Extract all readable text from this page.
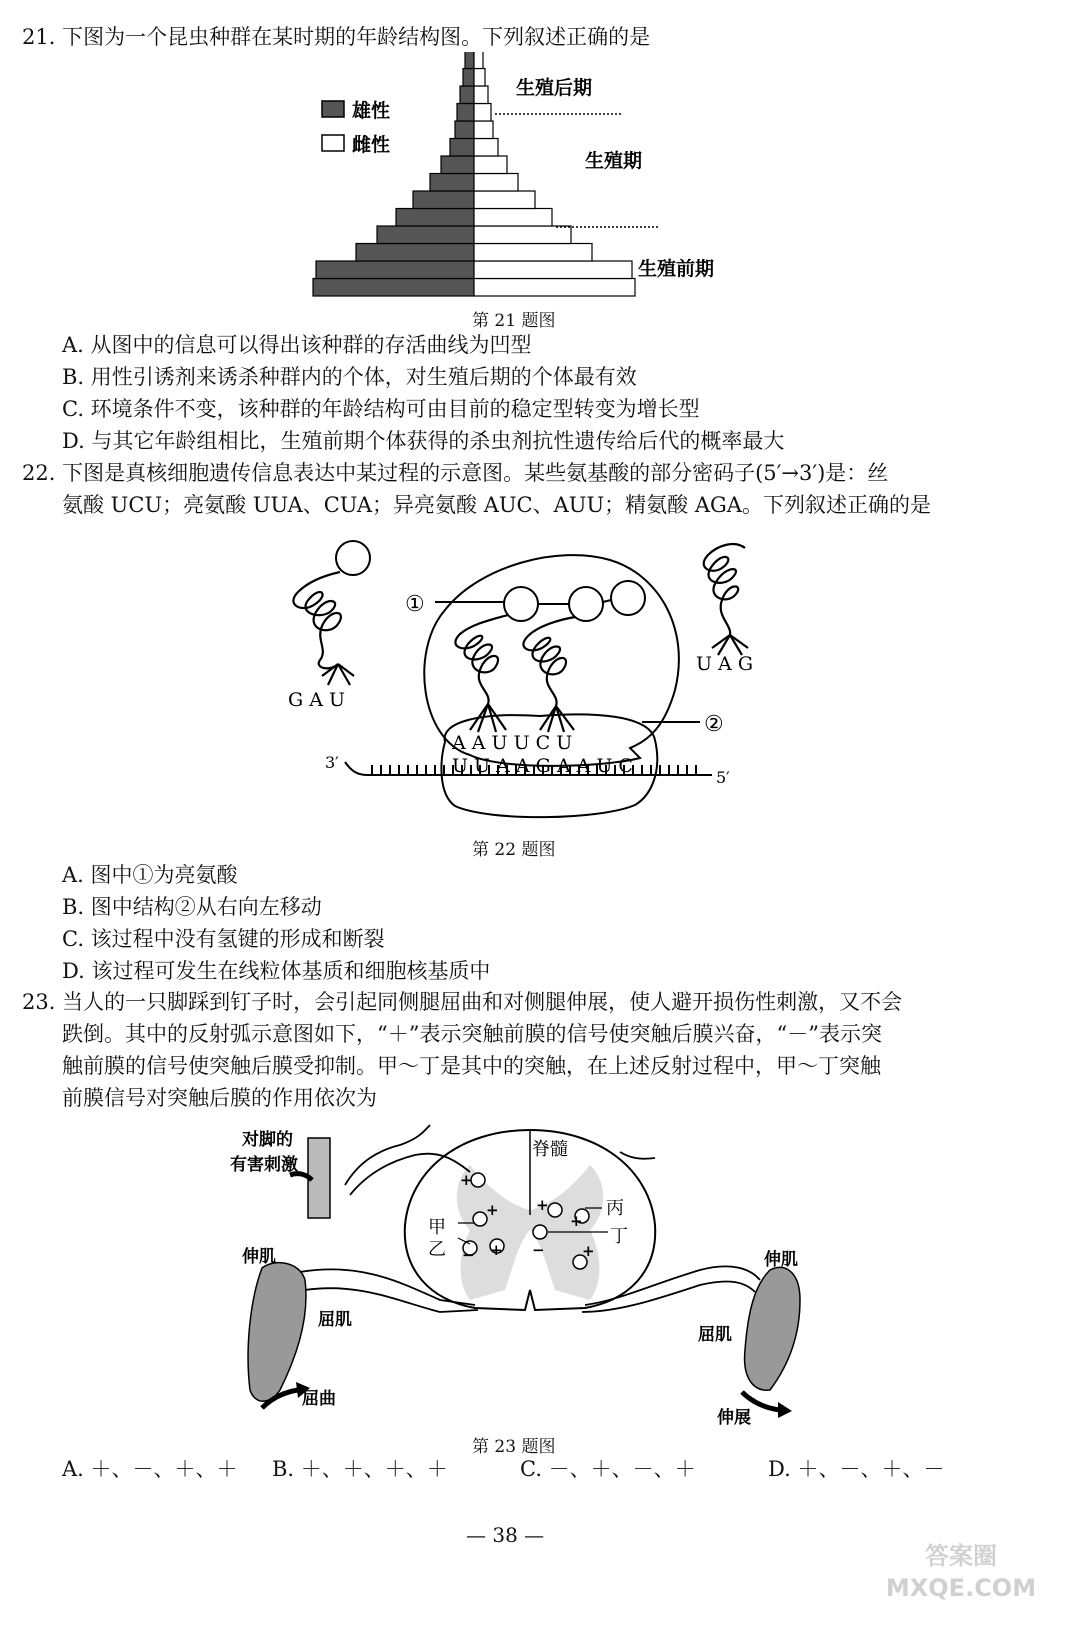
21. 下图为一个昆虫种群在某时期的年龄结构图。下列叙述正确的是
雄性
雌性
生殖后期
生殖期
生殖前期
第 21 题图
A. 从图中的信息可以得出该种群的存活曲线为凹型
B. 用性引诱剂来诱杀种群内的个体，对生殖后期的个体最有效
C. 环境条件不变，该种群的年龄结构可由目前的稳定型转变为增长型
D. 与其它年龄组相比，生殖前期个体获得的杀虫剂抗性遗传给后代的概率最大
22. 下图是真核细胞遗传信息表达中某过程的示意图。某些氨基酸的部分密码子(5′→3′)是：丝
氨酸 UCU；亮氨酸 UUA、CUA；异亮氨酸 AUC、AUU；精氨酸 AGA。下列叙述正确的是
①
②
G A U
U A G
A A U U C U
U U A A G A A U C
3′
5′
第 22 题图
A. 图中①为亮氨酸
B. 图中结构②从右向左移动
C. 该过程中没有氢键的形成和断裂
D. 该过程可发生在线粒体基质和细胞核基质中
23. 当人的一只脚踩到钉子时，会引起同侧腿屈曲和对侧腿伸展，使人避开损伤性刺激，又不会
跌倒。其中的反射弧示意图如下，“＋”表示突触前膜的信号使突触后膜兴奋，“－”表示突
触前膜的信号使突触后膜受抑制。甲～丁是其中的突触，在上述反射过程中，甲～丁突触
前膜信号对突触后膜的作用依次为
对脚的
有害刺激
脊髓
甲
乙
丙
丁
+
+ +
+
− +
+
−
伸肌
屈肌
屈曲
伸肌
屈肌
伸展
第 23 题图
A. ＋、－、＋、＋ B. ＋、＋、＋、＋	C. －、＋、－、＋	D. ＋、－、＋、－
— 38 —
答案圈 MXQE.COM
